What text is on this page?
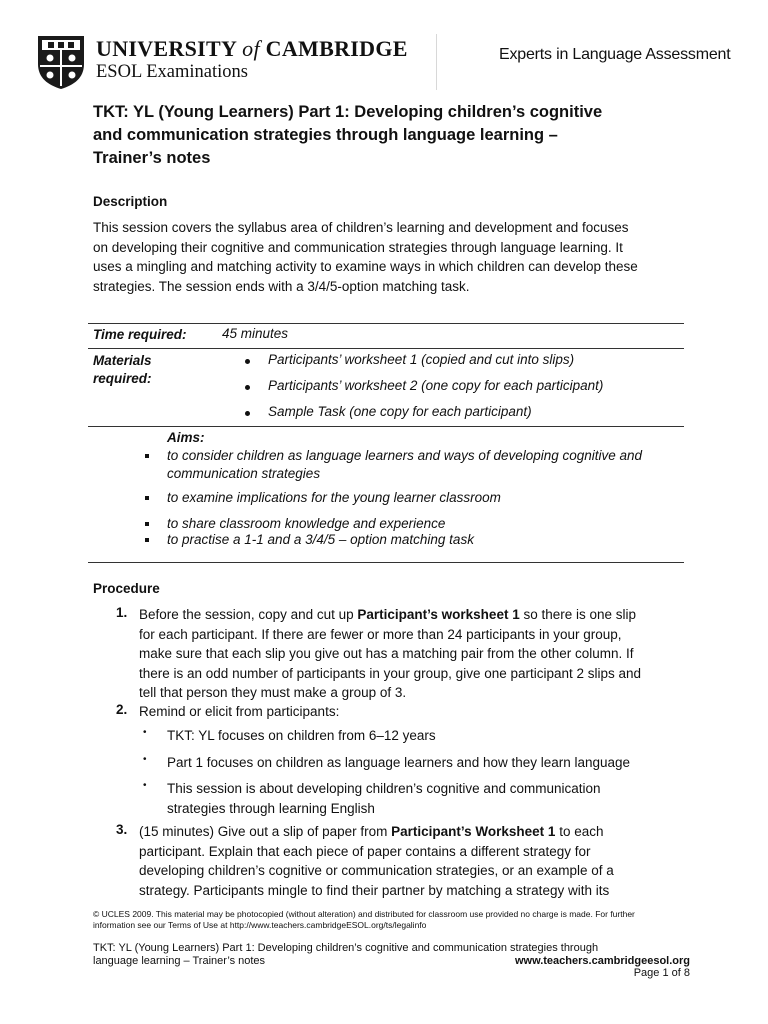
UNIVERSITY of CAMBRIDGE
ESOL Examinations
Experts in Language Assessment
TKT: YL (Young Learners) Part 1: Developing children’s cognitive
and communication strategies through language learning –
Trainer’s notes
Description
This session covers the syllabus area of children’s learning and development and focuses
on developing their cognitive and communication strategies through language learning. It
uses a mingling and matching activity to examine ways in which children can develop these
strategies. The session ends with a 3/4/5-option matching task.
Time required:	45 minutes
Materials
required:
Participants’ worksheet 1 (copied and cut into slips)
Participants’ worksheet 2 (one copy for each participant)
Sample Task (one copy for each participant)
Aims:
to consider children as language learners and ways of developing cognitive and
communication strategies
to examine implications for the young learner classroom
to share classroom knowledge and experience
to practise a 1-1 and a 3/4/5 – option matching task
Procedure
1. Before the session, copy and cut up Participant’s worksheet 1 so there is one slip
for each participant. If there are fewer or more than 24 participants in your group,
make sure that each slip you give out has a matching pair from the other column. If
there is an odd number of participants in your group, give one participant 2 slips and
tell that person they must make a group of 3.
2. Remind or elicit from participants:
• TKT: YL focuses on children from 6–12 years
• Part 1 focuses on children as language learners and how they learn language
• This session is about developing children’s cognitive and communication
strategies through learning English
3. (15 minutes) Give out a slip of paper from Participant’s Worksheet 1 to each
participant. Explain that each piece of paper contains a different strategy for
developing children’s cognitive or communication strategies, or an example of a
strategy. Participants mingle to find their partner by matching a strategy with its
© UCLES 2009. This material may be photocopied (without alteration) and distributed for classroom use provided no charge is made. For further
information see our Terms of Use at http://www.teachers.cambridgeESOL.org/ts/legalinfo
TKT: YL (Young Learners) Part 1: Developing children’s cognitive and communication strategies through
language learning – Trainer’s notes	www.teachers.cambridgeesol.org
Page 1 of 8
